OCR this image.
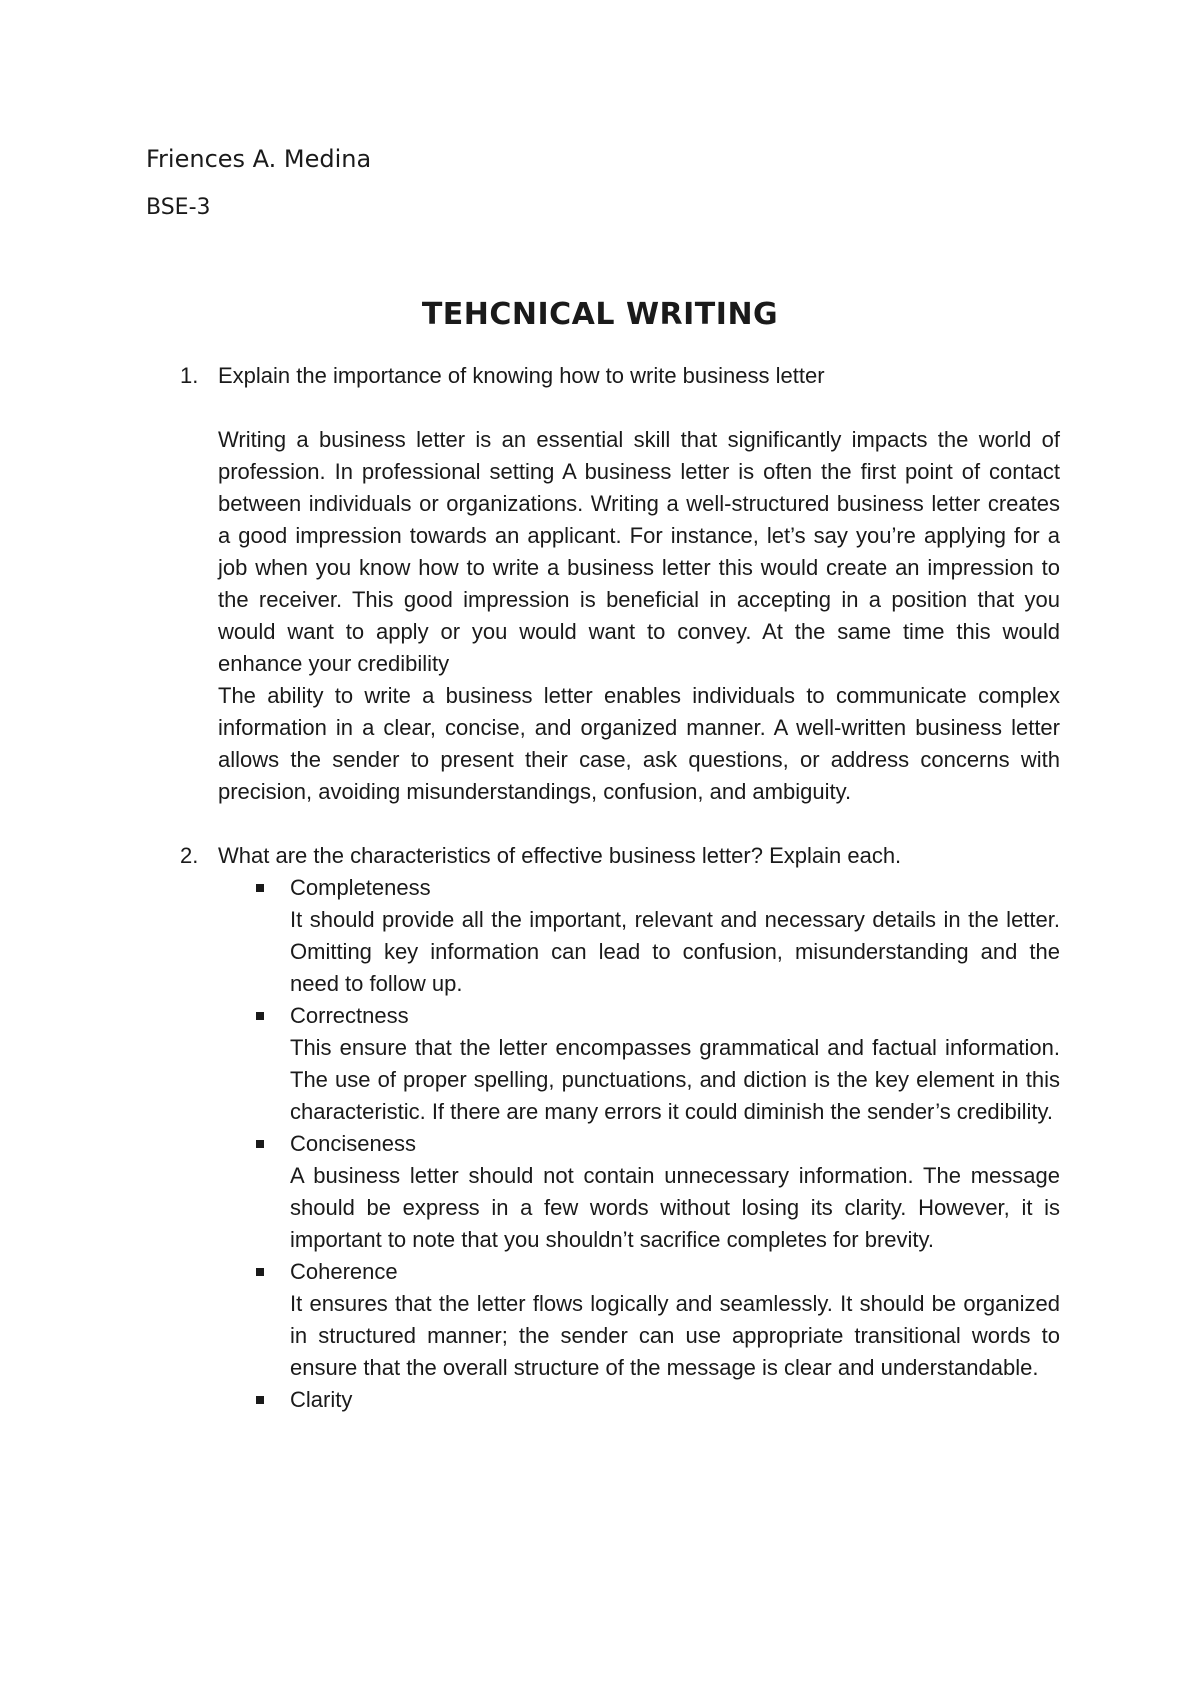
Friences A. Medina
BSE-3
TEHCNICAL WRITING
1. Explain the importance of knowing how to write business letter

Writing a business letter is an essential skill that significantly impacts the world of profession. In professional setting A business letter is often the first point of contact between individuals or organizations. Writing a well-structured business letter creates a good impression towards an applicant. For instance, let’s say you’re applying for a job when you know how to write a business letter this would create an impression to the receiver. This good impression is beneficial in accepting in a position that you would want to apply or you would want to convey. At the same time this would enhance your credibility

The ability to write a business letter enables individuals to communicate complex information in a clear, concise, and organized manner. A well-written business letter allows the sender to present their case, ask questions, or address concerns with precision, avoiding misunderstandings, confusion, and ambiguity.

2. What are the characteristics of effective business letter? Explain each.
Completeness
It should provide all the important, relevant and necessary details in the letter. Omitting key information can lead to confusion, misunderstanding and the need to follow up.
Correctness
This ensure that the letter encompasses grammatical and factual information. The use of proper spelling, punctuations, and diction is the key element in this characteristic. If there are many errors it could diminish the sender’s credibility.
Conciseness
A business letter should not contain unnecessary information. The message should be express in a few words without losing its clarity. However, it is important to note that you shouldn’t sacrifice completes for brevity.
Coherence
It ensures that the letter flows logically and seamlessly. It should be organized in structured manner; the sender can use appropriate transitional words to ensure that the overall structure of the message is clear and understandable.
Clarity
